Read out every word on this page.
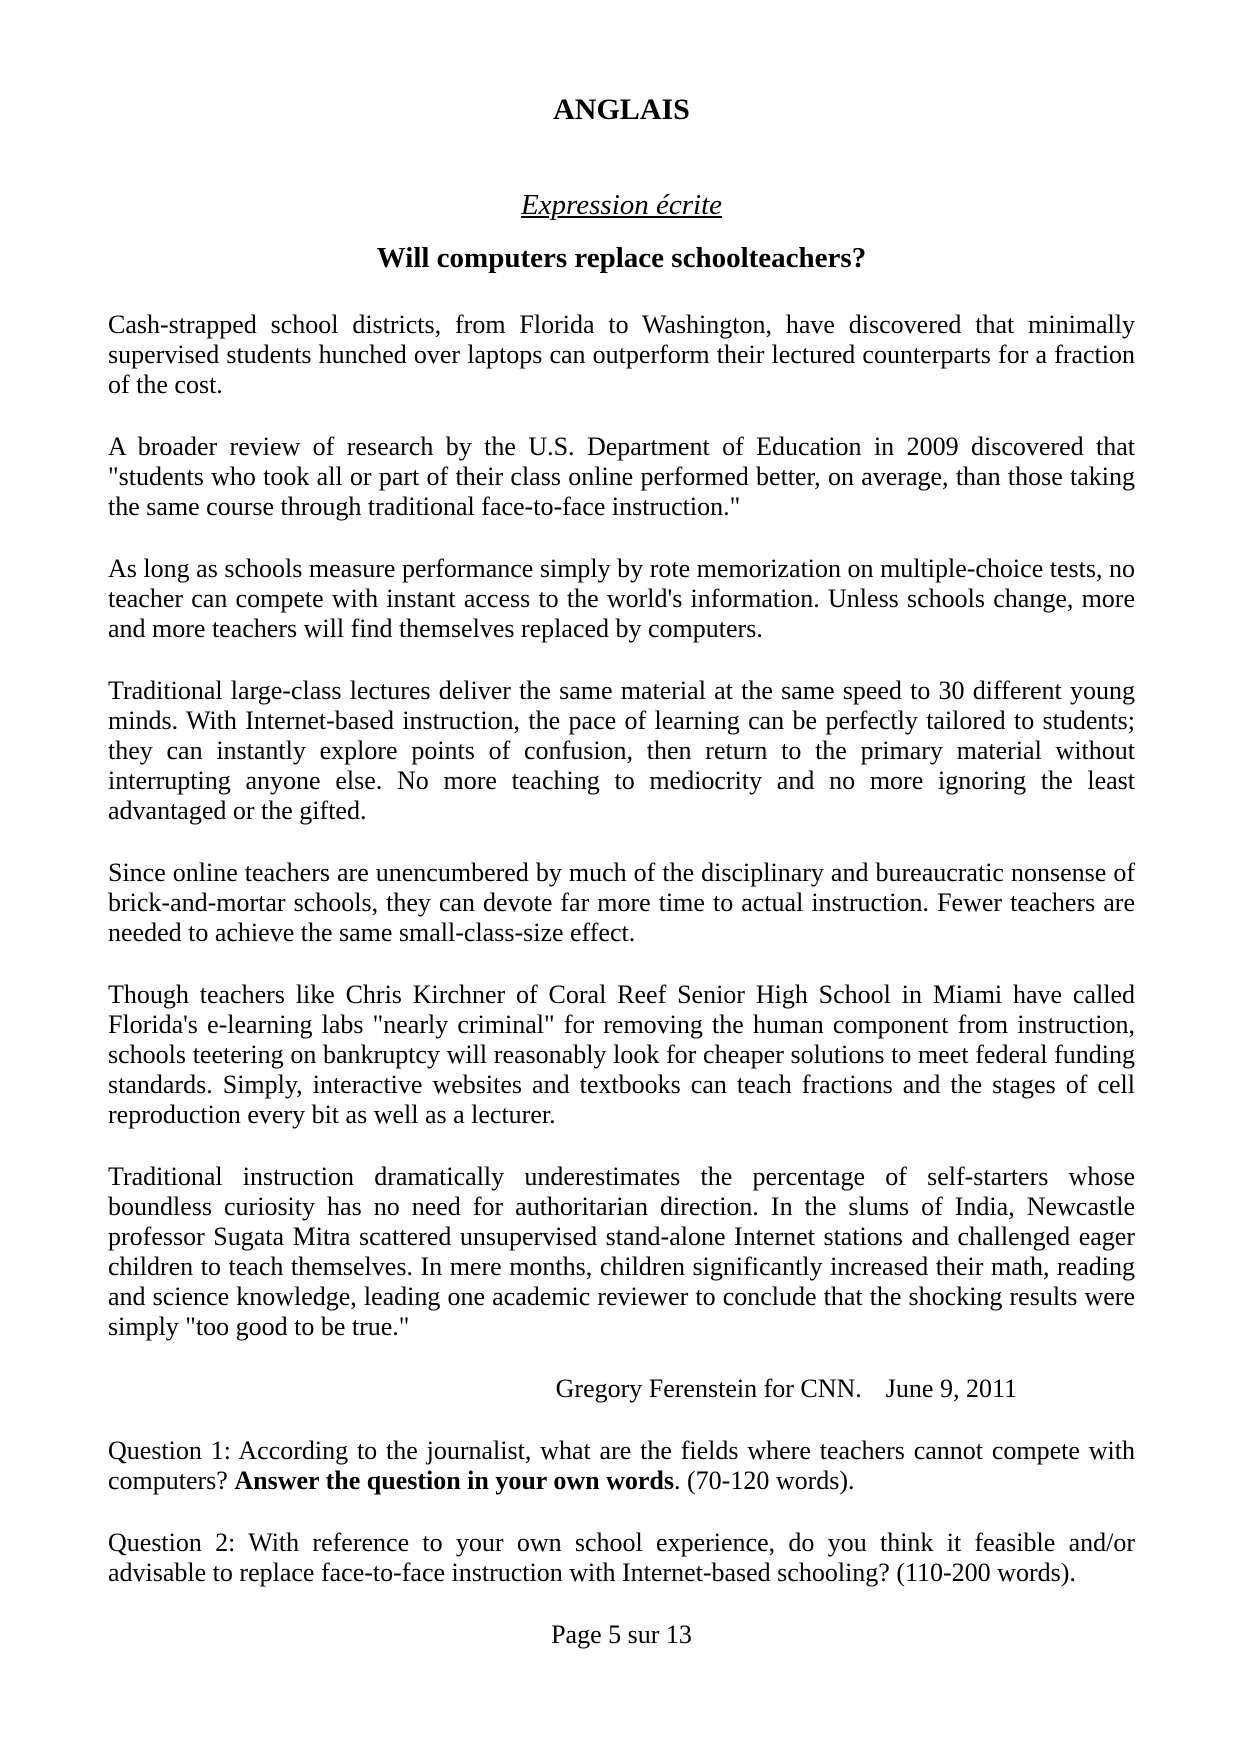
ANGLAIS
Expression écrite
Will computers replace schoolteachers?

Cash-strapped school districts, from Florida to Washington, have discovered that minimally supervised students hunched over laptops can outperform their lectured counterparts for a fraction of the cost.

A broader review of research by the U.S. Department of Education in 2009 discovered that "students who took all or part of their class online performed better, on average, than those taking the same course through traditional face-to-face instruction."

As long as schools measure performance simply by rote memorization on multiple-choice tests, no teacher can compete with instant access to the world's information. Unless schools change, more and more teachers will find themselves replaced by computers.

Traditional large-class lectures deliver the same material at the same speed to 30 different young minds. With Internet-based instruction, the pace of learning can be perfectly tailored to students; they can instantly explore points of confusion, then return to the primary material without interrupting anyone else. No more teaching to mediocrity and no more ignoring the least advantaged or the gifted.

Since online teachers are unencumbered by much of the disciplinary and bureaucratic nonsense of brick-and-mortar schools, they can devote far more time to actual instruction. Fewer teachers are needed to achieve the same small-class-size effect.

Though teachers like Chris Kirchner of Coral Reef Senior High School in Miami have called Florida's e-learning labs "nearly criminal" for removing the human component from instruction, schools teetering on bankruptcy will reasonably look for cheaper solutions to meet federal funding standards. Simply, interactive websites and textbooks can teach fractions and the stages of cell reproduction every bit as well as a lecturer.

Traditional instruction dramatically underestimates the percentage of self-starters whose boundless curiosity has no need for authoritarian direction. In the slums of India, Newcastle professor Sugata Mitra scattered unsupervised stand-alone Internet stations and challenged eager children to teach themselves. In mere months, children significantly increased their math, reading and science knowledge, leading one academic reviewer to conclude that the shocking results were simply "too good to be true."

Gregory Ferenstein for CNN. June 9, 2011

Question 1: According to the journalist, what are the fields where teachers cannot compete with computers? Answer the question in your own words. (70-120 words).

Question 2: With reference to your own school experience, do you think it feasible and/or advisable to replace face-to-face instruction with Internet-based schooling? (110-200 words).

Page 5 sur 13
